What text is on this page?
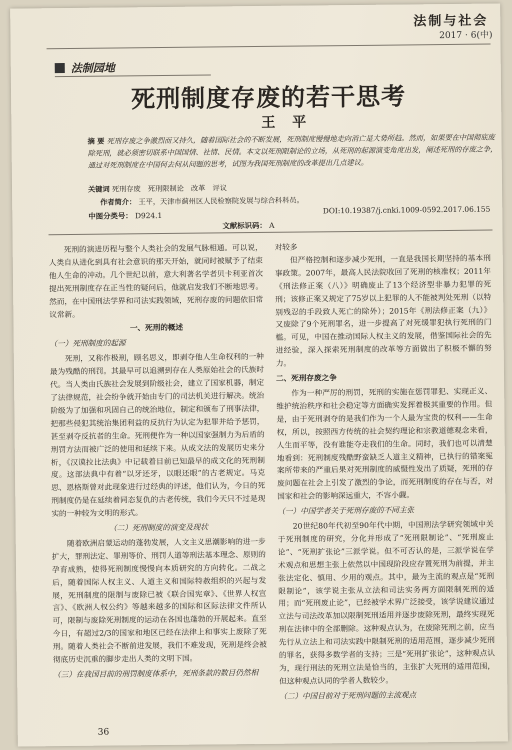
法制与社会
2017 · 6(中)
法制园地
死刑制度存废的若干思考
王 平
摘 要 死刑存废之争激烈而又持久，随着国际社会的不断发展，死刑制度慢慢地走向消亡是大势所趋。然而，如果要在中国彻底废除死刑，就必须密切联系中国国情、社情、民情。本文以死刑限制论的立场，从死刑的起源演变角度出发，阐述死刑的存废之争，通过对死刑制度在中国何去何从问题的思考，试图为我国死刑制度的改革提出几点建议。
关键词 死刑存废　死刑限制论　改革　评议
作者简介： 王平，天津市蓟州区人民检察院发展与综合科科员。
中图分类号： D924.1
文献标识码： A
DOI:10.19387/j.cnki.1009-0592.2017.06.155

死刑的演进历程与整个人类社会的发展气脉相通。可以说，人类自从进化到具有社会意识的那天开始，就同时被赋予了结束他人生命的冲动。几个世纪以前，意大利著名学者贝卡利亚首次提出死刑制度存在正当性的疑问后，他就启发我们不断地思考。然而，在中国刑法学界和司法实践领域，死刑存废的问题依旧常议常新。

一、死刑的概述
（一）死刑制度的起源

死刑，又称作极刑，顾名思义，即剥夺他人生命权利的一种最为残酷的刑罚。其最早可以追溯到存在人类原始社会的氏族时代。当人类由氏族社会发展到阶级社会，建立了国家机器，制定了法律规范，社会纷争就开始由专门的司法机关进行解决。统治阶级为了加强和巩固自己的统治地位，制定和颁布了刑事法律，把那些侵犯其统治集团利益的反抗行为认定为犯罪并给予惩罚，甚至剥夺反抗者的生命。死刑便作为一种以国家强制力为后盾的刑罚方法而被广泛的使用和延续下来。从成文法的发展历史来分析，《汉谟拉比法典》中记载着目前已知最早的成文化的死刑制度。这部法典中有着“以牙还牙，以眼还眼”的古老规定。马克思、恩格斯曾对此现象进行过经典的评述，他们认为，今日的死刑制度仍是在延续着同态复仇的古老传统，我们今天只不过是现实的一种较为文明的形式。

（二）死刑制度的演变及现状

随着欧洲启蒙运动的蓬勃发展，人文主义思潮影响的进一步扩大，罪刑法定、罪刑等价、刑罚人道等刑法基本理念、原则的孕育成熟，使得死刑制度慢慢向本质研究的方向转化。二战之后，随着国际人权主义、人道主义和国际特赦组织的兴起与发展，死刑制度的限制与废除已被《联合国宪章》、《世界人权宣言》、《欧洲人权公约》等越来越多的国际和区际法律文件所认可，限制与废除死刑制度的运动在各国也蓬勃的开展起来。直至今日，有超过2/3的国家和地区已经在法律上和事实上废除了死刑。随着人类社会不断前进发展，我们不难发现，死刑是终会被彻底历史沉重的脚步走出人类的文明下国。

（三）在我国目前的刑罚制度体系中，死刑条款的数目仍然相
对较多

但严格控制和逐步减少死刑，一直是我国长期坚持的基本刑事政策。2007年，最高人民法院收回了死刑的核准权；2011年《刑法修正案（八）》明确废止了13个经济型非暴力犯罪的死刑；该修正案又规定了75岁以上犯罪的人不能被判处死刑（以特别残忍的手段致人死亡的除外）；2015年《刑法修正案（九）》又废除了9个死刑罪名，进一步提高了对死缓罪犯执行死刑的门槛。可见，中国在推动国际人权主义的发展，借鉴国际社会的先进经验，深入探索死刑制度的改革等方面做出了积极不懈的努力。

二、死刑存废之争

作为一种严厉的刑罚，死刑的实施在惩罚罪犯、实现正义、维护统治秩序和社会稳定等方面确实发挥着极其重要的作用。但是，由于死刑剥夺的是我们作为一个人最为宝贵的权利——生命权，所以，按照西方传统的社会契约理论和宗教道德观念来看，人生而平等，没有谁能夺走我们的生命。同时，我们也可以清楚地看到：死刑制度残酷野蛮缺乏人道主义精神，已执行的错案冤案所带来的严重后果对死刑制度的威慑性发出了质疑，死刑的存废问题在社会上引发了激烈的争论，而死刑制度的存在与否，对国家和社会的影响深远重大，不容小觑。

（一）中国学者关于死刑存废的不同主张

20世纪80年代初至90年代中期，中国刑法学研究领域中关于死刑制度的研究，分化并形成了“死刑限制论”、“死刑废止论”、“死刑扩张论”三派学说。但不可否认的是，三派学说在学术观点和思想主张上依然以中国现阶段应存置死刑为前提，并主张法定化、慎用、少用的观点。其中，最为主流的观点是“死刑限制论”，该学说主张从立法和司法实务两方面限制死刑的适用；而“死刑废止论”，已经被学术界广泛接受，该学说建议通过立法与司法改革加以限制死刑适用并逐步废除死刑，最终实现死刑在法律中的全部删除。这种观点认为，在废除死刑之前，应当先行从立法上和司法实践中限制死刑的适用范围，逐步减少死刑的罪名，获得多数学者的支持；三是“死刑扩张论”，这种观点认为，现行刑法的死刑立法是恰当的，主张扩大死刑的适用范围，但这种观点认同的学者人数较少。

（二）中国目前对于死刑问题的主流观点
36
